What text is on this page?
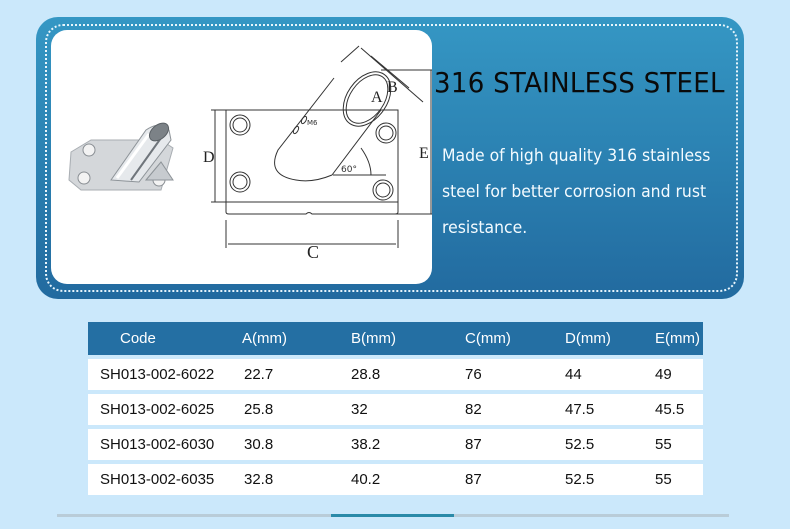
D
C
E
A
B
M6
60°
316 STAINLESS STEEL
Made of high quality 316 stainless
steel for better corrosion and rust
resistance.
Code	A(mm)	B(mm)	C(mm)	D(mm)	E(mm)
SH013-002-6022	22.7	28.8	76	44	49
SH013-002-6025	25.8	32	82	47.5	45.5
SH013-002-6030	30.8	38.2	87	52.5	55
SH013-002-6035	32.8	40.2	87	52.5	55
